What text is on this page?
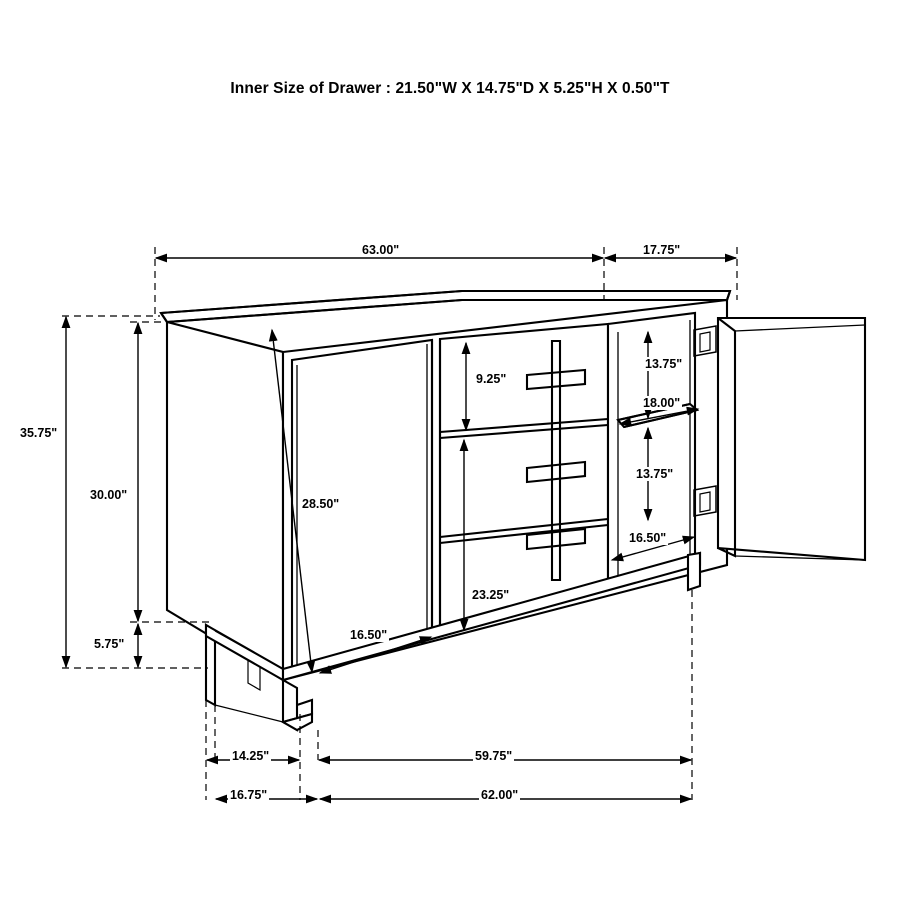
Inner Size of Drawer : 21.50"W X 14.75"D X 5.25"H X 0.50"T
63.00"	17.75"
35.75"
30.00"
5.75"
28.50"
9.25"
23.25"
16.50"
13.75"
18.00"
13.75"
16.50"
14.25"
16.75"
59.75"
62.00"
